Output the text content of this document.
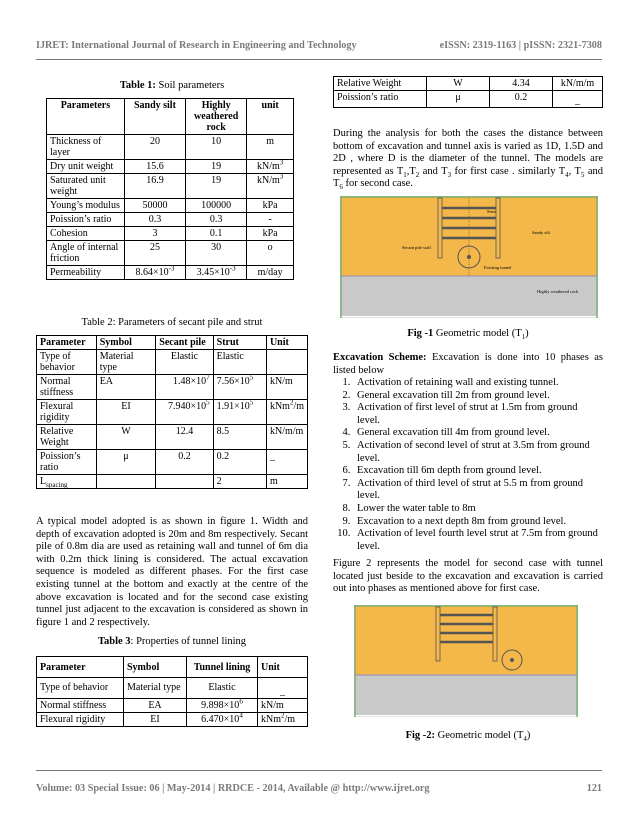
IJRET: International Journal of Research in Engineering and Technology	eISSN: 2319-1163 | pISSN: 2321-7308
Table 1: Soil parameters
Parameters	Sandy silt	Highly weathered rock	unit
Thickness of layer	20	10	m
Dry unit weight	15.6	19	$kN/m^3$
Saturated unit weight	16.9	19	$kN/m^3$
Young’s modulus	50000	100000	kPa
Poission’s ratio	0.3	0.3	-
Cohesion	3	0.1	kPa
Angle of internal friction	25	30	o
Permeability	$8.64\times 10^{-3}$	$3.45\times 10^{-3}$	m/day
Table 2: Parameters of secant pile and strut
Parameter	Symbol	Secant pile	Strut	Unit
Type of behavior	Material type	Elastic	Elastic	
Normal stiffness	EA	$1.48\times 10^7$	$7.56\times 10^5$	kN/m
Flexural rigidity	EI	$7.940\times 10^5$	$1.91\times 10^5$	kNm$^2$/m
Relative Weight	W	12.4	8.5	kN/m/m
Poission’s ratio	μ	0.2	0.2	_
$L_{spacing}$			2	m
A typical model adopted is as shown in figure 1. Width and depth of excavation adopted is 20m and 8m respectively. Secant pile of 0.8m dia are used as retaining wall and tunnel of 6m dia with 0.2m thick lining is considered. The actual excavation sequence is modeled as different phases. For the first case existing tunnel at the bottom and exactly at the centre of the above excavation is located and for the second case existing tunnel just adjacent to the excavation is considered as shown in figure 1 and 2 respectively.
Table 3: Properties of tunnel lining
Parameter	Symbol	Tunnel lining	Unit
Type of behavior	Material type	Elastic	_
Normal stiffness	EA	$9.898\times 10^6$	kN/m
Flexural rigidity	EI	$6.470\times 10^4$	kNm$^2$/m
Relative Weight	W	4.34	kN/m/m
Poission’s ratio	μ	0.2	_
During the analysis for both the cases the distance between bottom of excavation and tunnel axis is varied as 1D, 1.5D and 2D , where D is the diameter of the tunnel. The models are represented as $T_1,T_2$ and $T_3$ for first case . similarly $T_4$, $T_5$ and $T_6$ for second case.
Strut
Sandy silt
Secant pile wall
Existing tunnel
Highly weathered rock
Fig -1 Geometric model $(T_1)$
Excavation Scheme: Excavation is done into 10 phases as listed below
1. Activation of retaining wall and existing tunnel.
2. General excavation till 2m from ground level.
3. Activation of first level of strut at 1.5m from ground level.
4. General excavation till 4m from ground level.
5. Activation of second level of strut at 3.5m from ground level.
6. Excavation till 6m depth from ground level.
7. Activation of third level of strut at 5.5 m from ground level.
8. Lower the water table to 8m
9. Excavation to a next depth 8m from ground level.
10. Activation of level fourth level strut at 7.5m from ground level.
Figure 2 represents the model for second case with tunnel located just beside to the excavation and excavation is carried out into phases as mentioned above for first case.
Fig -2: Geometric model $(T_4)$
Volume: 03 Special Issue: 06 | May-2014 | RRDCE - 2014, Available @ http://www.ijret.org	121
